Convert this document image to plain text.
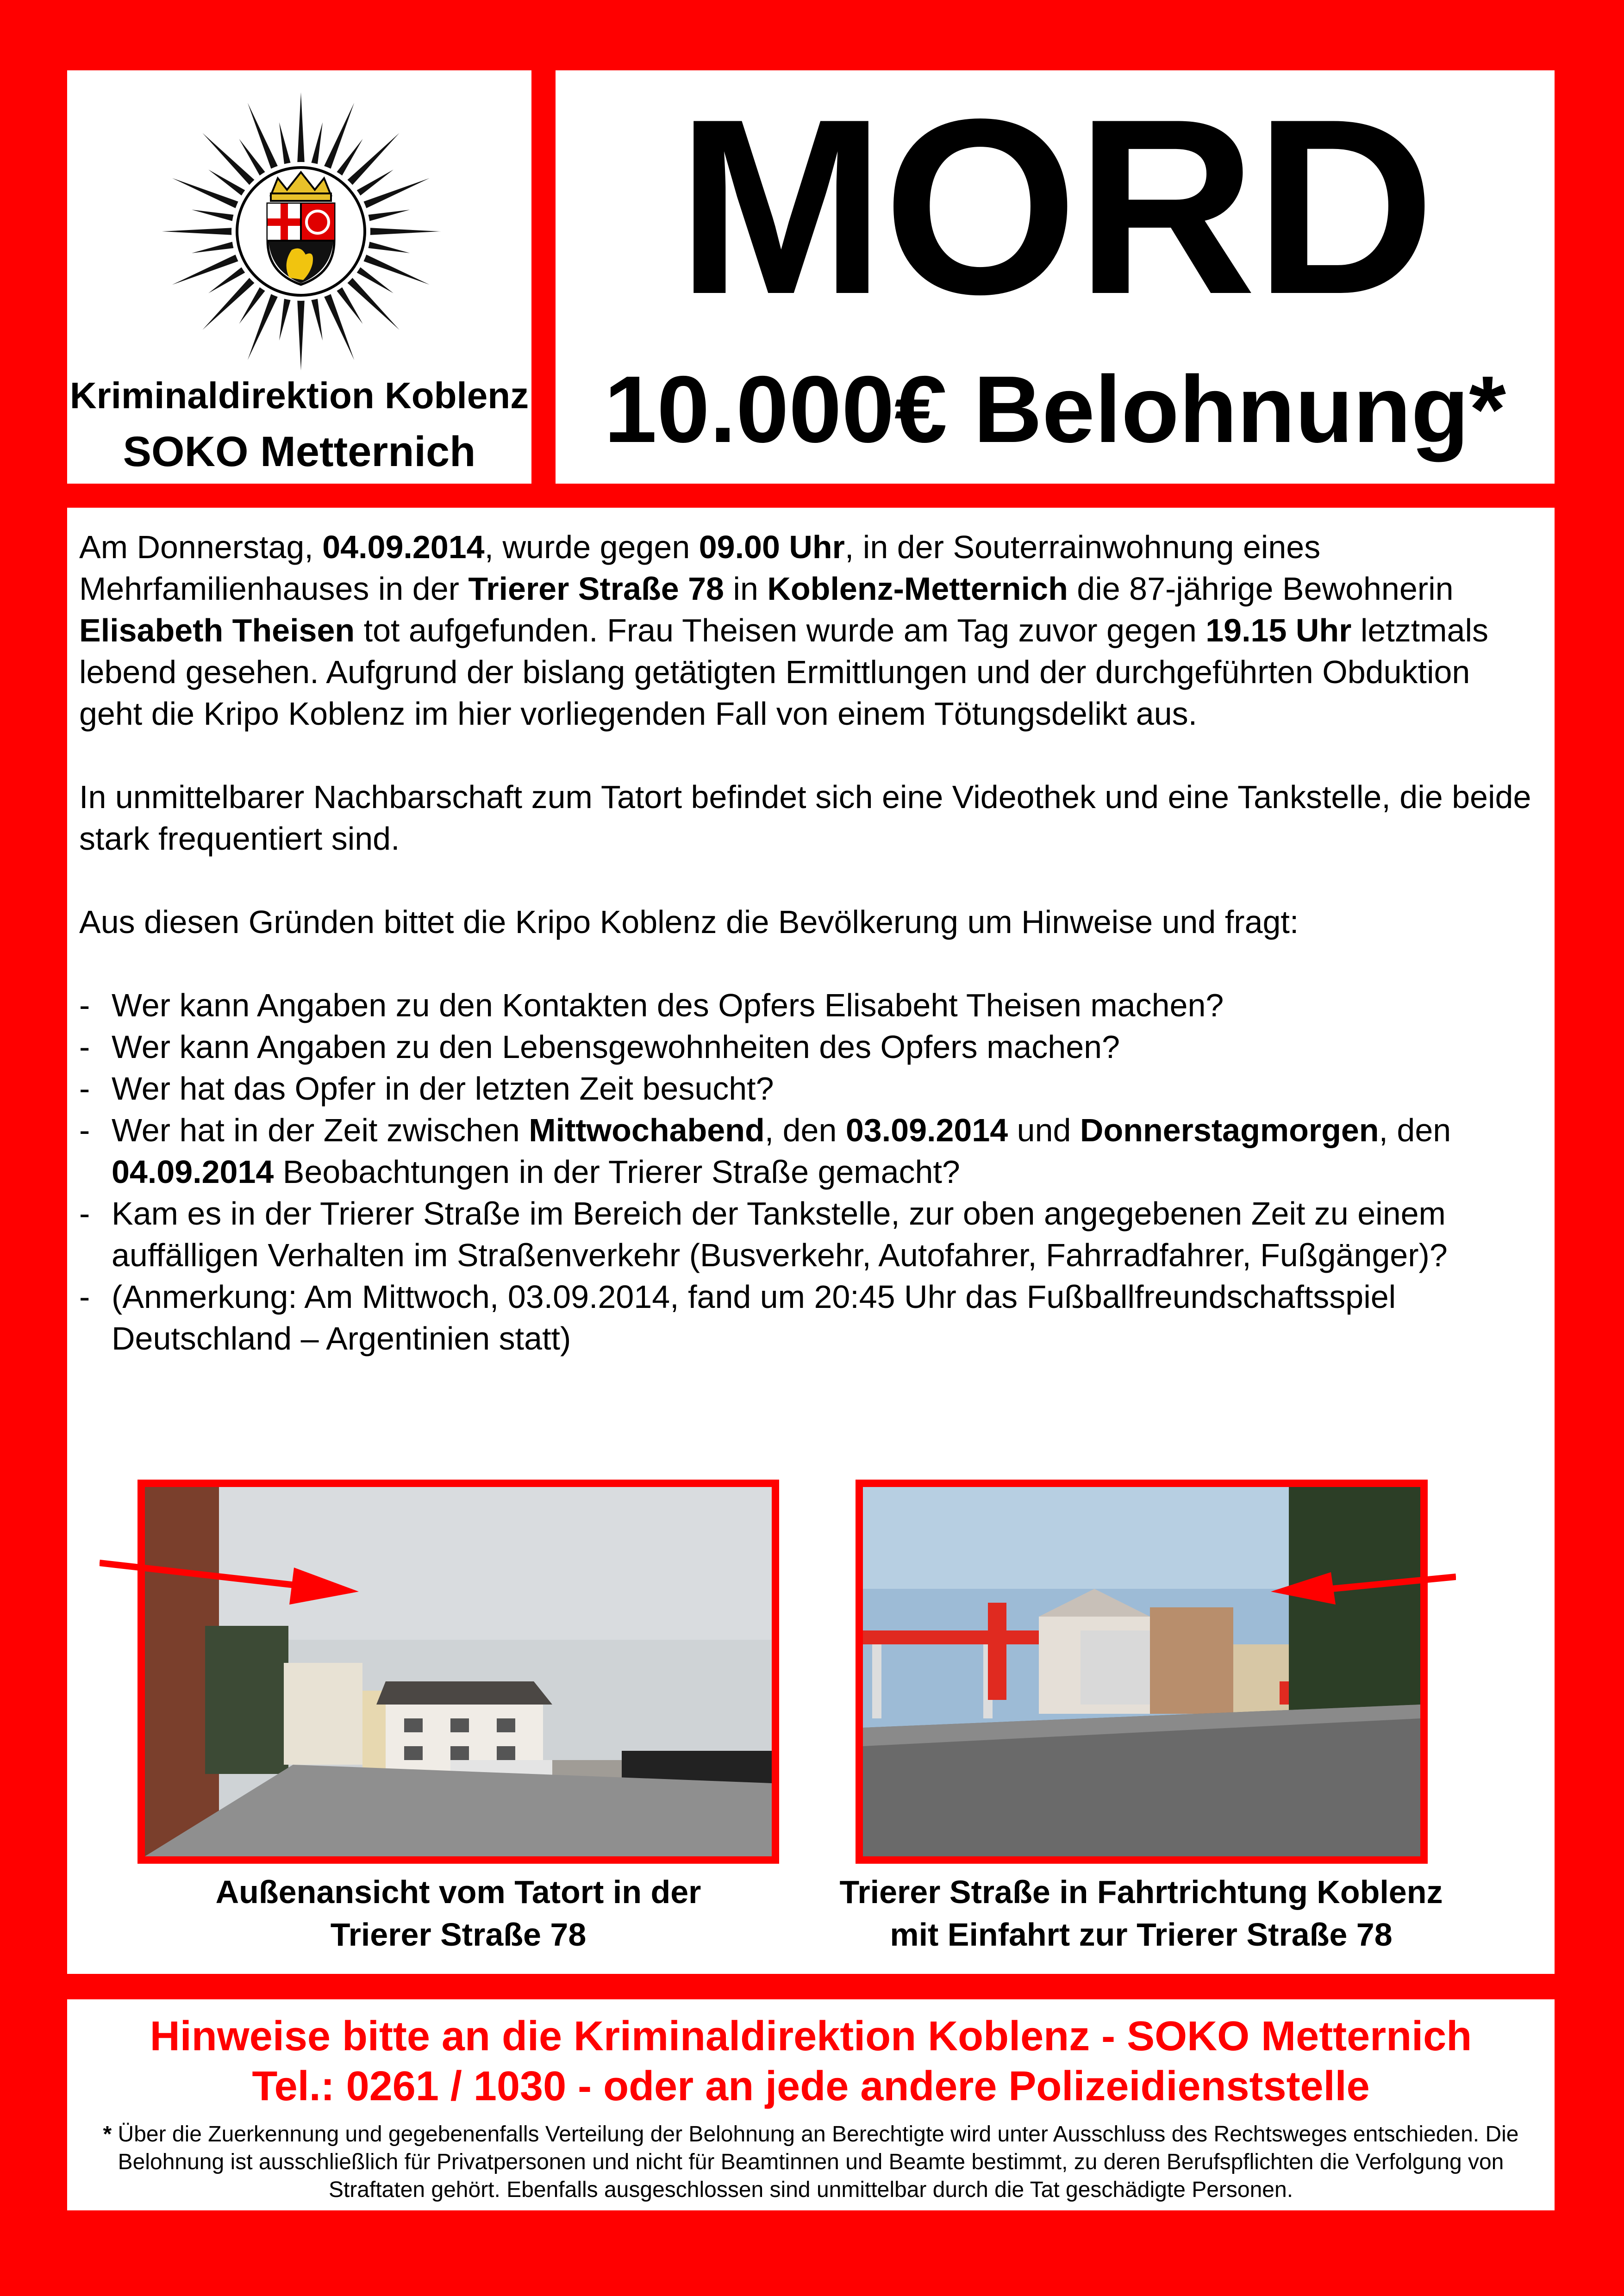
Kriminaldirektion Koblenz
SOKO Metternich
MORD
10.000€ Belohnung*

Am Donnerstag, 04.09.2014, wurde gegen 09.00 Uhr, in der Souterrainwohnung eines Mehrfamilienhauses in der Trierer Straße 78 in Koblenz-Metternich die 87-jährige Bewohnerin Elisabeth Theisen tot aufgefunden. Frau Theisen wurde am Tag zuvor gegen 19.15 Uhr letztmals lebend gesehen. Aufgrund der bislang getätigten Ermittlungen und der durchgeführten Obduktion geht die Kripo Koblenz im hier vorliegenden Fall von einem Tötungsdelikt aus.

In unmittelbarer Nachbarschaft zum Tatort befindet sich eine Videothek und eine Tankstelle, die beide stark frequentiert sind.

Aus diesen Gründen bittet die Kripo Koblenz die Bevölkerung um Hinweise und fragt:

- Wer kann Angaben zu den Kontakten des Opfers Elisabeht Theisen machen?
- Wer kann Angaben zu den Lebensgewohnheiten des Opfers machen?
- Wer hat das Opfer in der letzten Zeit besucht?
- Wer hat in der Zeit zwischen Mittwochabend, den 03.09.2014 und Donnerstagmorgen, den 04.09.2014 Beobachtungen in der Trierer Straße gemacht?
- Kam es in der Trierer Straße im Bereich der Tankstelle, zur oben angegebenen Zeit zu einem auffälligen Verhalten im Straßenverkehr (Busverkehr, Autofahrer, Fahrradfahrer, Fußgänger)?
- (Anmerkung: Am Mittwoch, 03.09.2014, fand um 20:45 Uhr das Fußballfreundschaftsspiel Deutschland – Argentinien statt)
Außenansicht vom Tatort in der
Trierer Straße 78
Trierer Straße in Fahrtrichtung Koblenz
mit Einfahrt zur Trierer Straße 78
Hinweise bitte an die Kriminaldirektion Koblenz - SOKO Metternich
Tel.: 0261 / 1030 - oder an jede andere Polizeidienststelle
* Über die Zuerkennung und gegebenenfalls Verteilung der Belohnung an Berechtigte wird unter Ausschluss des Rechtsweges entschieden. Die Belohnung ist ausschließlich für Privatpersonen und nicht für Beamtinnen und Beamte bestimmt, zu deren Berufspflichten die Verfolgung von Straftaten gehört. Ebenfalls ausgeschlossen sind unmittelbar durch die Tat geschädigte Personen.
